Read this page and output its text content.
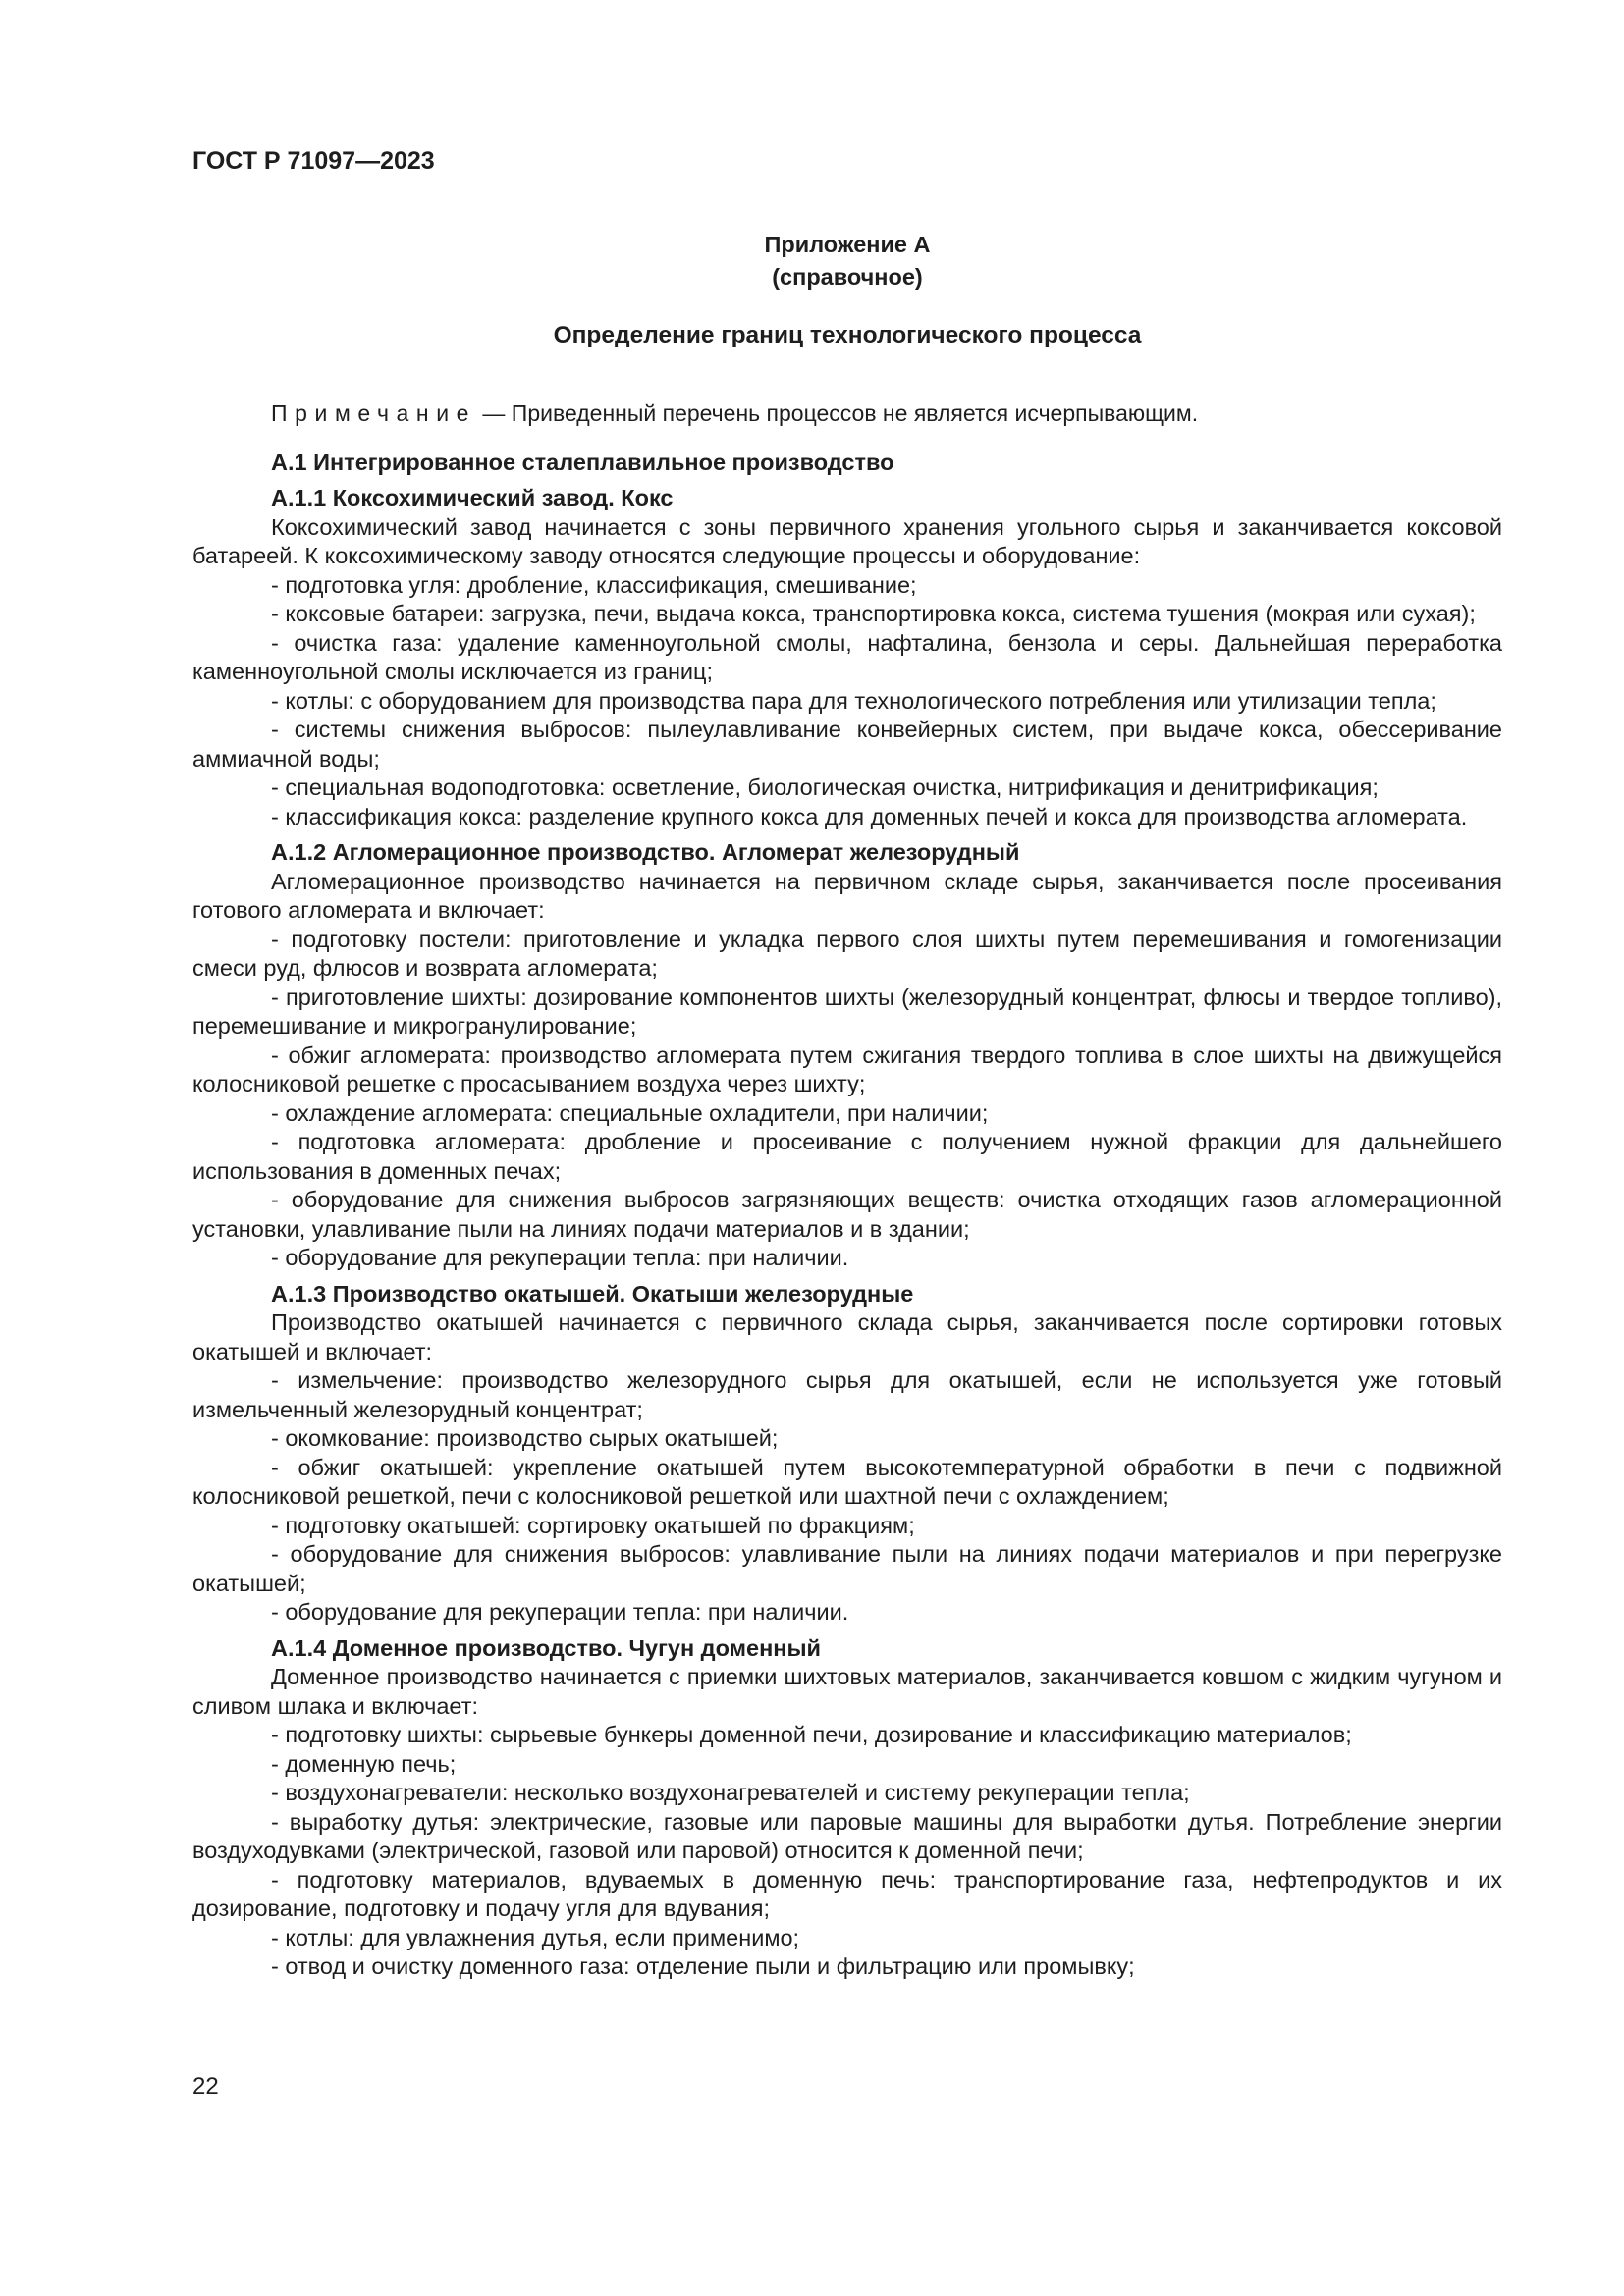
ГОСТ Р 71097—2023
Приложение А
(справочное)
Определение границ технологического процесса

Примечание — Приведенный перечень процессов не является исчерпывающим.

А.1 Интегрированное сталеплавильное производство

А.1.1 Коксохимический завод. Кокс

Коксохимический завод начинается с зоны первичного хранения угольного сырья и заканчивается коксовой батареей. К коксохимическому заводу относятся следующие процессы и оборудование:

- подготовка угля: дробление, классификация, смешивание;

- коксовые батареи: загрузка, печи, выдача кокса, транспортировка кокса, система тушения (мокрая или сухая);

- очистка газа: удаление каменноугольной смолы, нафталина, бензола и серы. Дальнейшая переработка каменноугольной смолы исключается из границ;

- котлы: с оборудованием для производства пара для технологического потребления или утилизации тепла;

- системы снижения выбросов: пылеулавливание конвейерных систем, при выдаче кокса, обессеривание аммиачной воды;

- специальная водоподготовка: осветление, биологическая очистка, нитрификация и денитрификация;

- классификация кокса: разделение крупного кокса для доменных печей и кокса для производства агломерата.

А.1.2 Агломерационное производство. Агломерат железорудный

Агломерационное производство начинается на первичном складе сырья, заканчивается после просеивания готового агломерата и включает:

- подготовку постели: приготовление и укладка первого слоя шихты путем перемешивания и гомогенизации смеси руд, флюсов и возврата агломерата;

- приготовление шихты: дозирование компонентов шихты (железорудный концентрат, флюсы и твердое топливо), перемешивание и микрогранулирование;

- обжиг агломерата: производство агломерата путем сжигания твердого топлива в слое шихты на движущейся колосниковой решетке с просасыванием воздуха через шихту;

- охлаждение агломерата: специальные охладители, при наличии;

- подготовка агломерата: дробление и просеивание с получением нужной фракции для дальнейшего использования в доменных печах;

- оборудование для снижения выбросов загрязняющих веществ: очистка отходящих газов агломерационной установки, улавливание пыли на линиях подачи материалов и в здании;

- оборудование для рекуперации тепла: при наличии.

А.1.3 Производство окатышей. Окатыши железорудные

Производство окатышей начинается с первичного склада сырья, заканчивается после сортировки готовых окатышей и включает:

- измельчение: производство железорудного сырья для окатышей, если не используется уже готовый измельченный железорудный концентрат;

- окомкование: производство сырых окатышей;

- обжиг окатышей: укрепление окатышей путем высокотемпературной обработки в печи с подвижной колосниковой решеткой, печи с колосниковой решеткой или шахтной печи с охлаждением;

- подготовку окатышей: сортировку окатышей по фракциям;

- оборудование для снижения выбросов: улавливание пыли на линиях подачи материалов и при перегрузке окатышей;

- оборудование для рекуперации тепла: при наличии.

А.1.4 Доменное производство. Чугун доменный

Доменное производство начинается с приемки шихтовых материалов, заканчивается ковшом с жидким чугуном и сливом шлака и включает:

- подготовку шихты: сырьевые бункеры доменной печи, дозирование и классификацию материалов;

- доменную печь;

- воздухонагреватели: несколько воздухонагревателей и систему рекуперации тепла;

- выработку дутья: электрические, газовые или паровые машины для выработки дутья. Потребление энергии воздуходувками (электрической, газовой или паровой) относится к доменной печи;

- подготовку материалов, вдуваемых в доменную печь: транспортирование газа, нефтепродуктов и их дозирование, подготовку и подачу угля для вдувания;

- котлы: для увлажнения дутья, если применимо;

- отвод и очистку доменного газа: отделение пыли и фильтрацию или промывку;

22
